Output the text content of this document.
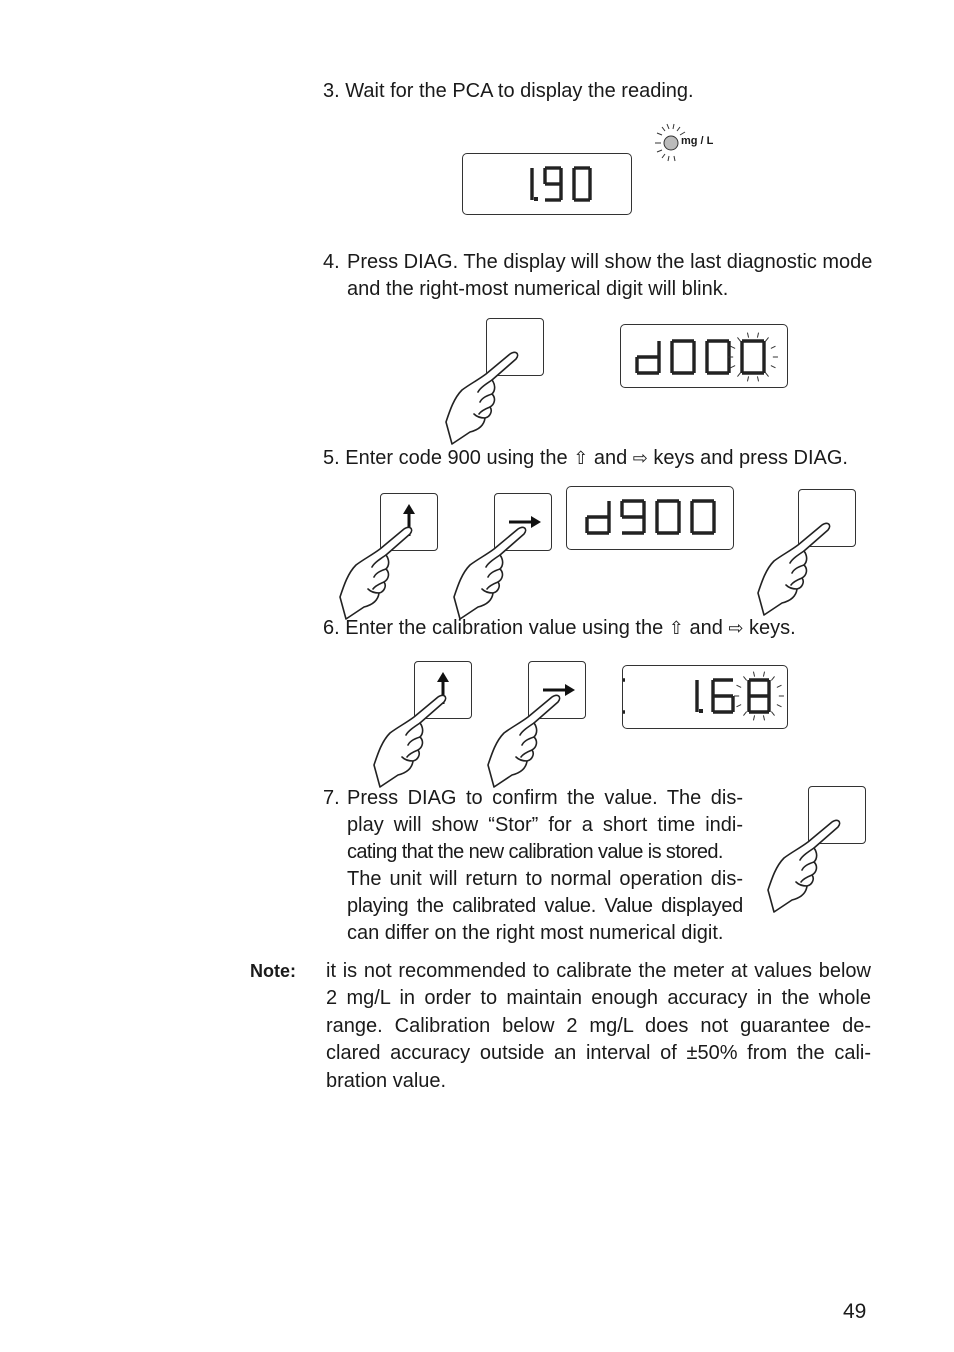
3. Wait for the PCA to display the reading.
mg / L
4. Press DIAG. The display will show the last diagnostic mode
and the right-most numerical digit will blink.
5. Enter code 900 using the ⇧ and ⇨ keys and press DIAG.
6. Enter the calibration value using the ⇧ and ⇨ keys.
7. Press DIAG to confirm the value. The dis-
play will show “Stor” for a short time indi-
cating that the new calibration value is stored.
The unit will return to normal operation dis-
playing the calibrated value. Value displayed
can differ on the right most numerical digit.
Note: it is not recommended to calibrate the meter at values below 2 mg/L in order to maintain enough accuracy in the whole range. Calibration below 2 mg/L does not guarantee de-clared accuracy outside an interval of ±50% from the cali-bration value.
49
